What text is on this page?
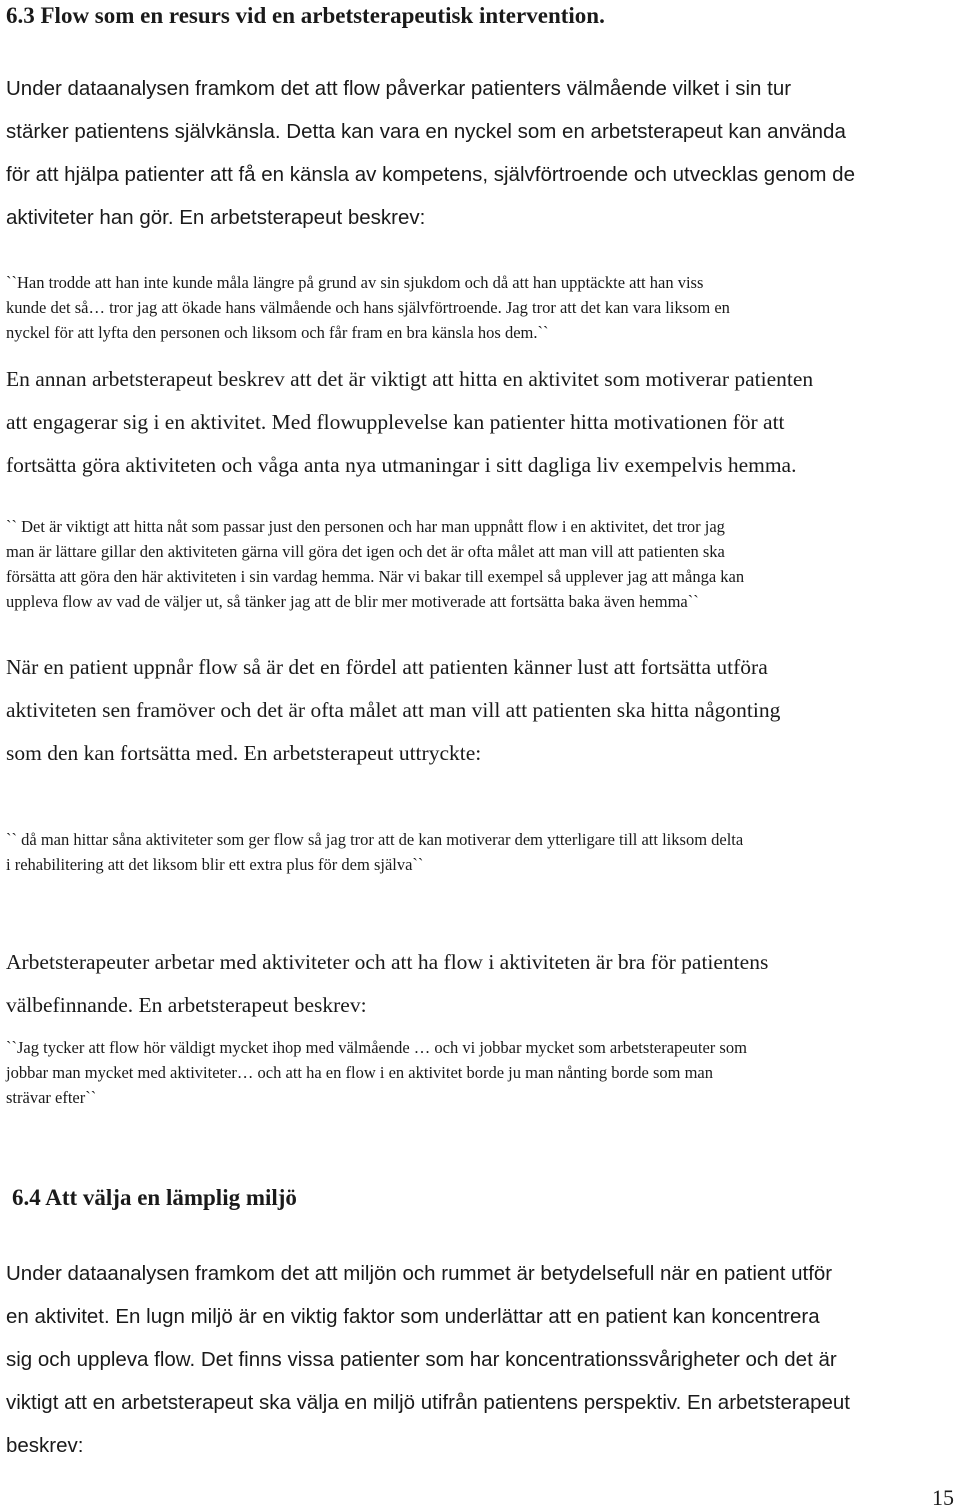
6.3 Flow som en resurs vid en arbetsterapeutisk intervention.

Under dataanalysen framkom det att flow påverkar patienters välmående vilket i sin tur
stärker patientens självkänsla. Detta kan vara en nyckel som en arbetsterapeut kan använda
för att hjälpa patienter att få en känsla av kompetens, självförtroende och utvecklas genom de
aktiviteter han gör. En arbetsterapeut beskrev:

``Han trodde att han inte kunde måla längre på grund av sin sjukdom och då att han upptäckte att han viss
kunde det så… tror jag att ökade hans välmående och hans självförtroende. Jag tror att det kan vara liksom en
nyckel för att lyfta den personen och liksom och får fram en bra känsla hos dem.``

En annan arbetsterapeut beskrev att det är viktigt att hitta en aktivitet som motiverar patienten
att engagerar sig i en aktivitet. Med flowupplevelse kan patienter hitta motivationen för att
fortsätta göra aktiviteten och våga anta nya utmaningar i sitt dagliga liv exempelvis hemma.

`` Det är viktigt att hitta nåt som passar just den personen och har man uppnått flow i en aktivitet, det tror jag
man är lättare gillar den aktiviteten gärna vill göra det igen och det är ofta målet att man vill att patienten ska
försätta att göra den här aktiviteten i sin vardag hemma. När vi bakar till exempel så upplever jag att många kan
uppleva flow av vad de väljer ut, så tänker jag att de blir mer motiverade att fortsätta baka även hemma``

När en patient uppnår flow så är det en fördel att patienten känner lust att fortsätta utföra
aktiviteten sen framöver och det är ofta målet att man vill att patienten ska hitta någonting
som den kan fortsätta med. En arbetsterapeut uttryckte:

`` då man hittar såna aktiviteter som ger flow så jag tror att de kan motiverar dem ytterligare till att liksom delta
i rehabilitering att det liksom blir ett extra plus för dem själva``

Arbetsterapeuter arbetar med aktiviteter och att ha flow i aktiviteten är bra för patientens
välbefinnande. En arbetsterapeut beskrev:

``Jag tycker att flow hör väldigt mycket ihop med välmående … och vi jobbar mycket som arbetsterapeuter som
jobbar man mycket med aktiviteter… och att ha en flow i en aktivitet borde ju man nånting borde som man
strävar efter``

6.4 Att välja en lämplig miljö

Under dataanalysen framkom det att miljön och rummet är betydelsefull när en patient utför
en aktivitet. En lugn miljö är en viktig faktor som underlättar att en patient kan koncentrera
sig och uppleva flow. Det finns vissa patienter som har koncentrationssvårigheter och det är
viktigt att en arbetsterapeut ska välja en miljö utifrån patientens perspektiv. En arbetsterapeut
beskrev:

15
